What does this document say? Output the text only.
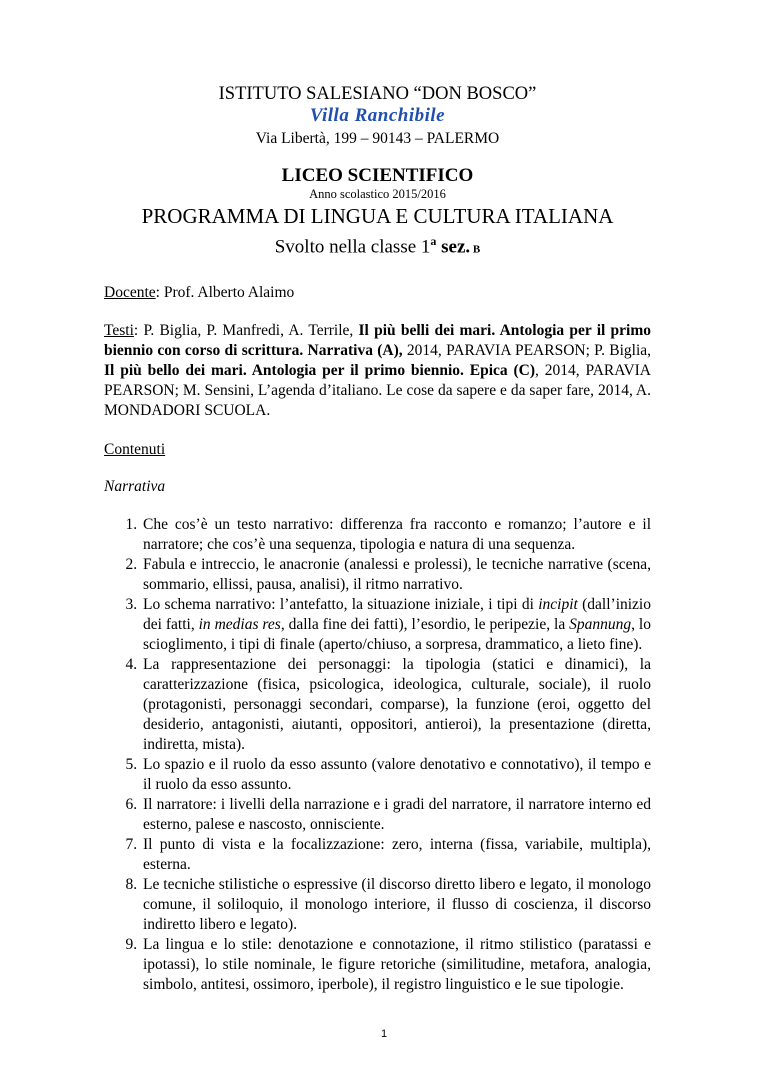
ISTITUTO SALESIANO “DON BOSCO”
Villa Ranchibile
Via Libertà, 199 – 90143 – PALERMO
LICEO SCIENTIFICO
Anno scolastico 2015/2016
PROGRAMMA DI LINGUA E CULTURA ITALIANA
Svolto nella classe 1$^a$ sez. B

Docente: Prof. Alberto Alaimo

Testi: P. Biglia, P. Manfredi, A. Terrile, Il più belli dei mari. Antologia per il primo biennio con corso di scrittura. Narrativa (A), 2014, PARAVIA PEARSON; P. Biglia, Il più bello dei mari. Antologia per il primo biennio. Epica (C), 2014, PARAVIA PEARSON; M. Sensini, L’agenda d’italiano. Le cose da sapere e da saper fare, 2014, A. MONDADORI SCUOLA.

Contenuti

Narrativa

1. Che cos’è un testo narrativo: differenza fra racconto e romanzo; l’autore e il narratore; che cos’è una sequenza, tipologia e natura di una sequenza.
2. Fabula e intreccio, le anacronie (analessi e prolessi), le tecniche narrative (scena, sommario, ellissi, pausa, analisi), il ritmo narrativo.
3. Lo schema narrativo: l’antefatto, la situazione iniziale, i tipi di incipit (dall’inizio dei fatti, in medias res, dalla fine dei fatti), l’esordio, le peripezie, la Spannung, lo scioglimento, i tipi di finale (aperto/chiuso, a sorpresa, drammatico, a lieto fine).
4. La rappresentazione dei personaggi: la tipologia (statici e dinamici), la caratterizzazione (fisica, psicologica, ideologica, culturale, sociale), il ruolo (protagonisti, personaggi secondari, comparse), la funzione (eroi, oggetto del desiderio, antagonisti, aiutanti, oppositori, antieroi), la presentazione (diretta, indiretta, mista).
5. Lo spazio e il ruolo da esso assunto (valore denotativo e connotativo), il tempo e il ruolo da esso assunto.
6. Il narratore: i livelli della narrazione e i gradi del narratore, il narratore interno ed esterno, palese e nascosto, onnisciente.
7. Il punto di vista e la focalizzazione: zero, interna (fissa, variabile, multipla), esterna.
8. Le tecniche stilistiche o espressive (il discorso diretto libero e legato, il monologo comune, il soliloquio, il monologo interiore, il flusso di coscienza, il discorso indiretto libero e legato).
9. La lingua e lo stile: denotazione e connotazione, il ritmo stilistico (paratassi e ipotassi), lo stile nominale, le figure retoriche (similitudine, metafora, analogia, simbolo, antitesi, ossimoro, iperbole), il registro linguistico e le sue tipologie.
1
